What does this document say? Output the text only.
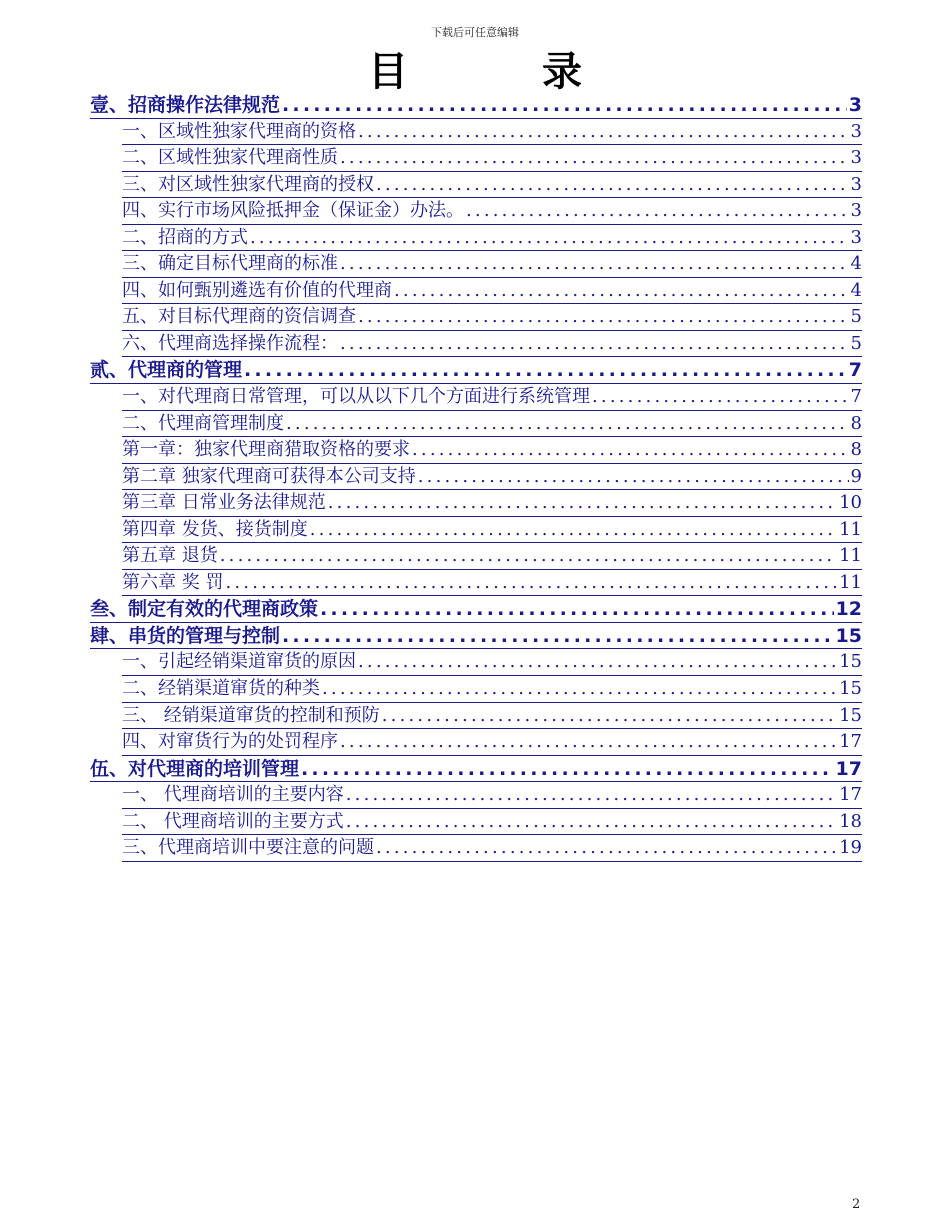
下载后可任意编辑
目 录
壹、招商操作法律规范 .....	3
一、区域性独家代理商的资格 .....	3
二、区域性独家代理商性质 .....	3
三、对区域性独家代理商的授权 .....	3
四、实行市场风险抵押金（保证金）办法。 .....	3
二、招商的方式 .....	3
三、确定目标代理商的标准 .....	4
四、如何甄别遴选有价值的代理商 .....	4
五、对目标代理商的资信调查 .....	5
六、代理商选择操作流程： .....	5
贰、代理商的管理 .....	7
一、对代理商日常管理，可以从以下几个方面进行系统管理 .....	7
二、代理商管理制度 .....	8
第一章：独家代理商猎取资格的要求 .....	8
第二章 独家代理商可获得本公司支持 .....	9
第三章 日常业务法律规范 .....	10
第四章 发货、接货制度 .....	11
第五章 退货 .....	11
第六章 奖 罚 .....	11
叁、制定有效的代理商政策 .....	12
肆、串货的管理与控制 .....	15
一、引起经销渠道窜货的原因 .....	15
二、经销渠道窜货的种类 .....	15
三、 经销渠道窜货的控制和预防 .....	15
四、对窜货行为的处罚程序 .....	17
伍、对代理商的培训管理 .....	17
一、 代理商培训的主要内容 .....	17
二、 代理商培训的主要方式 .....	18
三、代理商培训中要注意的问题 .....	19
2
